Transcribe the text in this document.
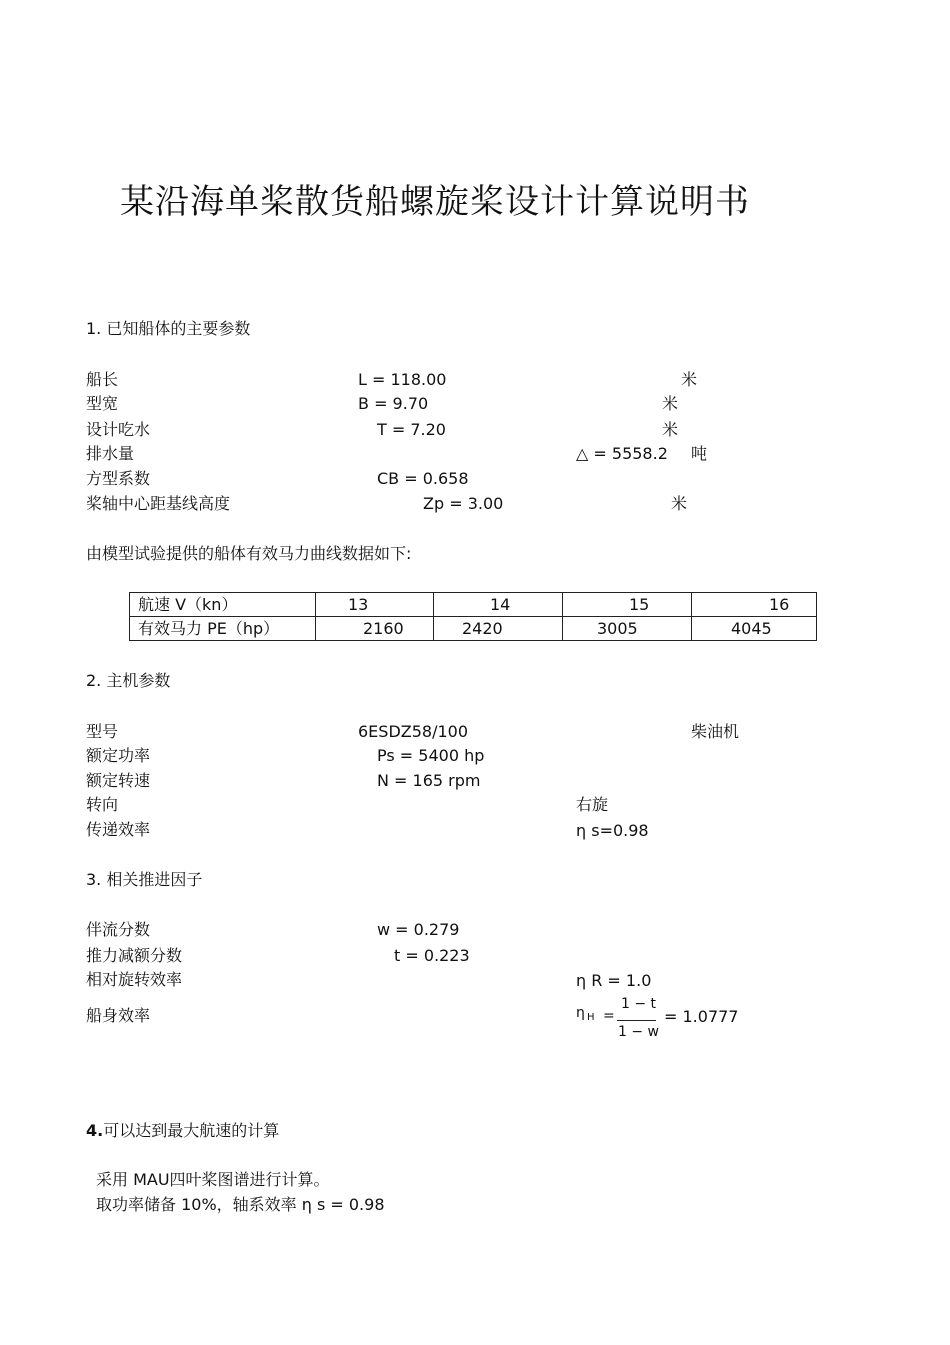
某沿海单桨散货船螺旋桨设计计算说明书
1. 已知船体的主要参数
船长	L = 118.00	米
型宽	B = 9.70	米
设计吃水	T = 7.20	米
排水量	△ = 5558.2 吨
方型系数	CB = 0.658
桨轴中心距基线高度	Zp = 3.00	米
由模型试验提供的船体有效马力曲线数据如下:
航速 V（kn）	13	14	15	16
有效马力 PE（hp）	2160	2420	3005	4045
2. 主机参数
型号	6ESDZ58/100	柴油机
额定功率	Ps = 5400 hp
额定转速	N = 165 rpm
转向	右旋
传递效率	η s=0.98
3. 相关推进因子
伴流分数	w = 0.279
推力减额分数	t = 0.223
相对旋转效率	η R = 1.0
船身效率	η H =
1 − t
1 − w
= 1.0777
4.可以达到最大航速的计算
采用 MAU四叶桨图谱进行计算。
取功率储备 10%，轴系效率 η s = 0.98
